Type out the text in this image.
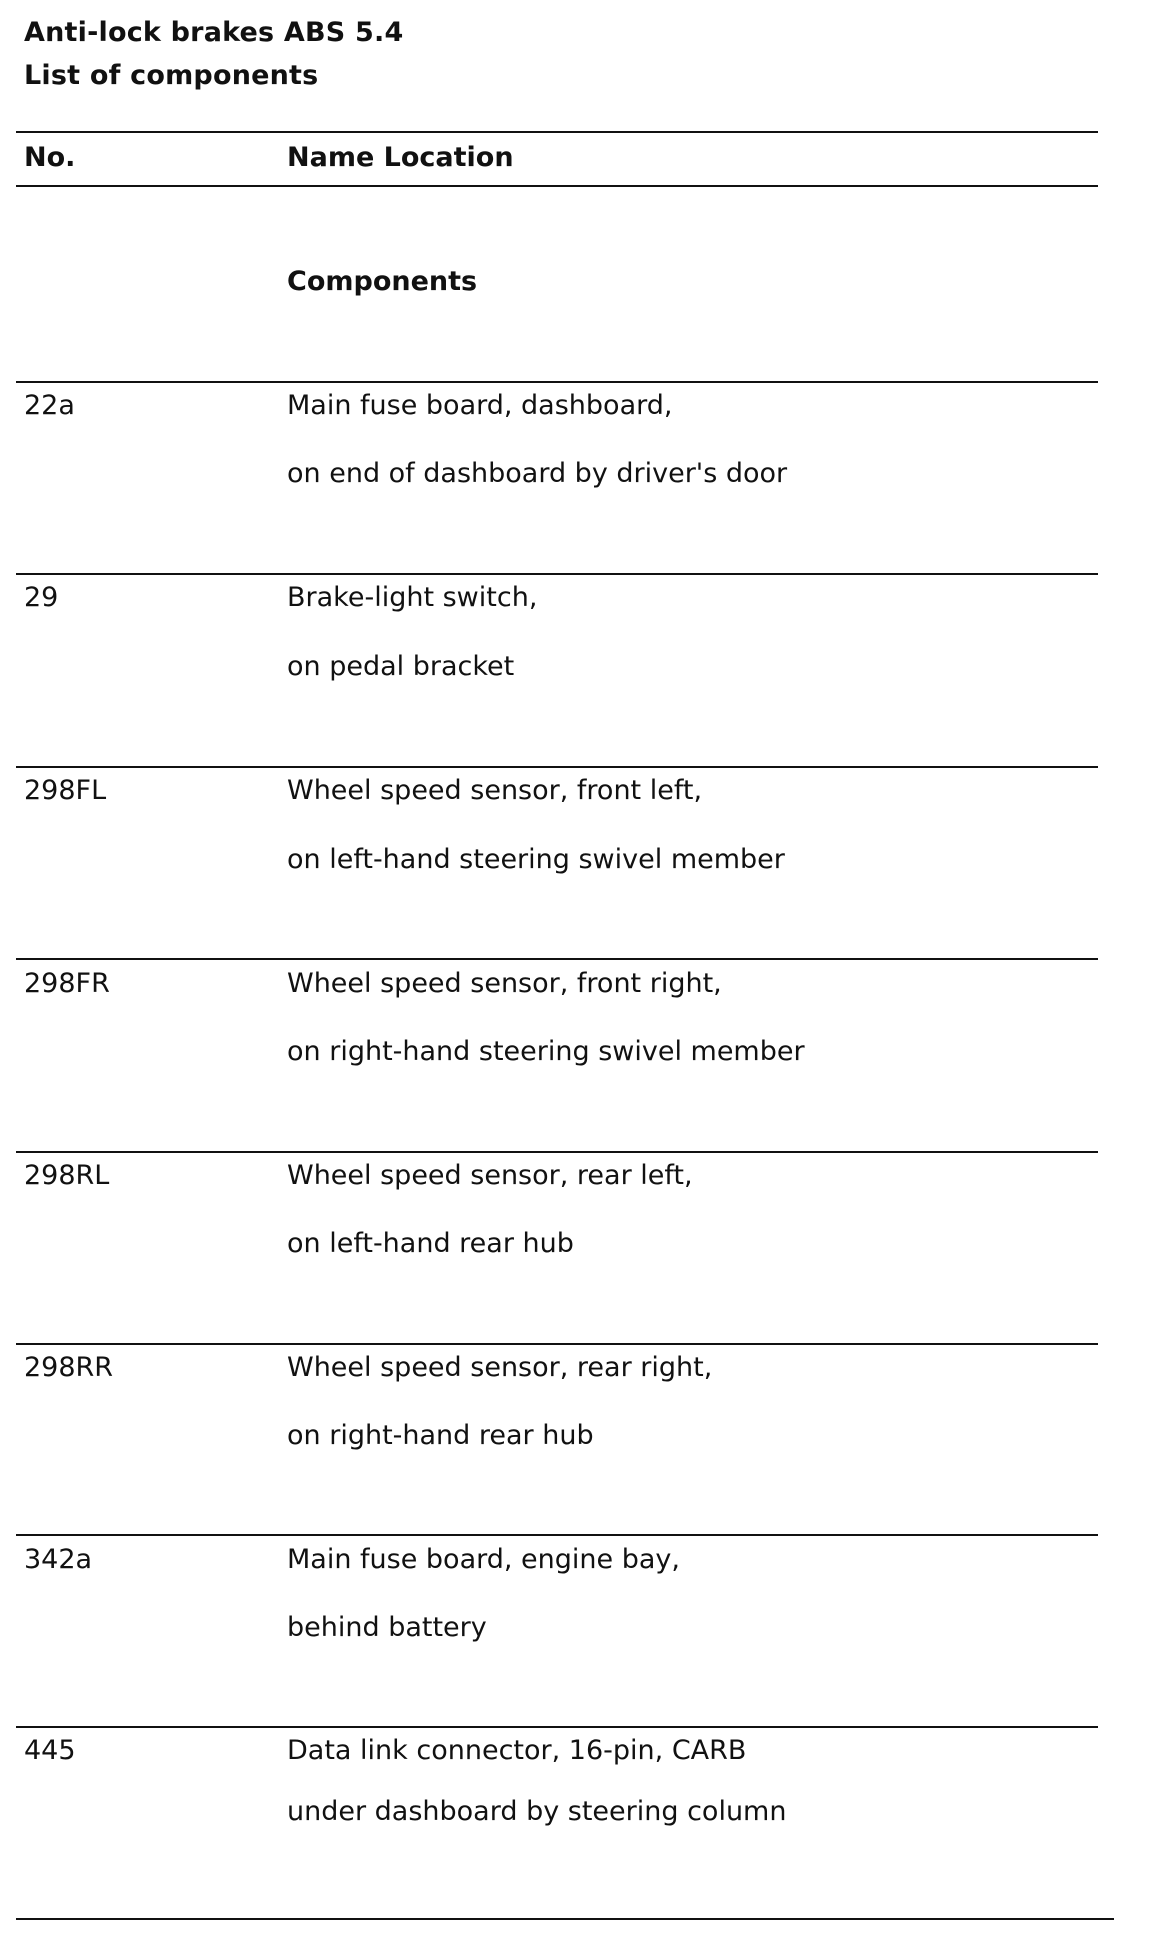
Anti-lock brakes ABS 5.4
List of components
No.	Name Location
Components
22a	Main fuse board, dashboard,
on end of dashboard by driver's door
29	Brake-light switch,
on pedal bracket
298FL	Wheel speed sensor, front left,
on left-hand steering swivel member
298FR	Wheel speed sensor, front right,
on right-hand steering swivel member
298RL	Wheel speed sensor, rear left,
on left-hand rear hub
298RR	Wheel speed sensor, rear right,
on right-hand rear hub
342a	Main fuse board, engine bay,
behind battery
445	Data link connector, 16-pin, CARB
under dashboard by steering column
